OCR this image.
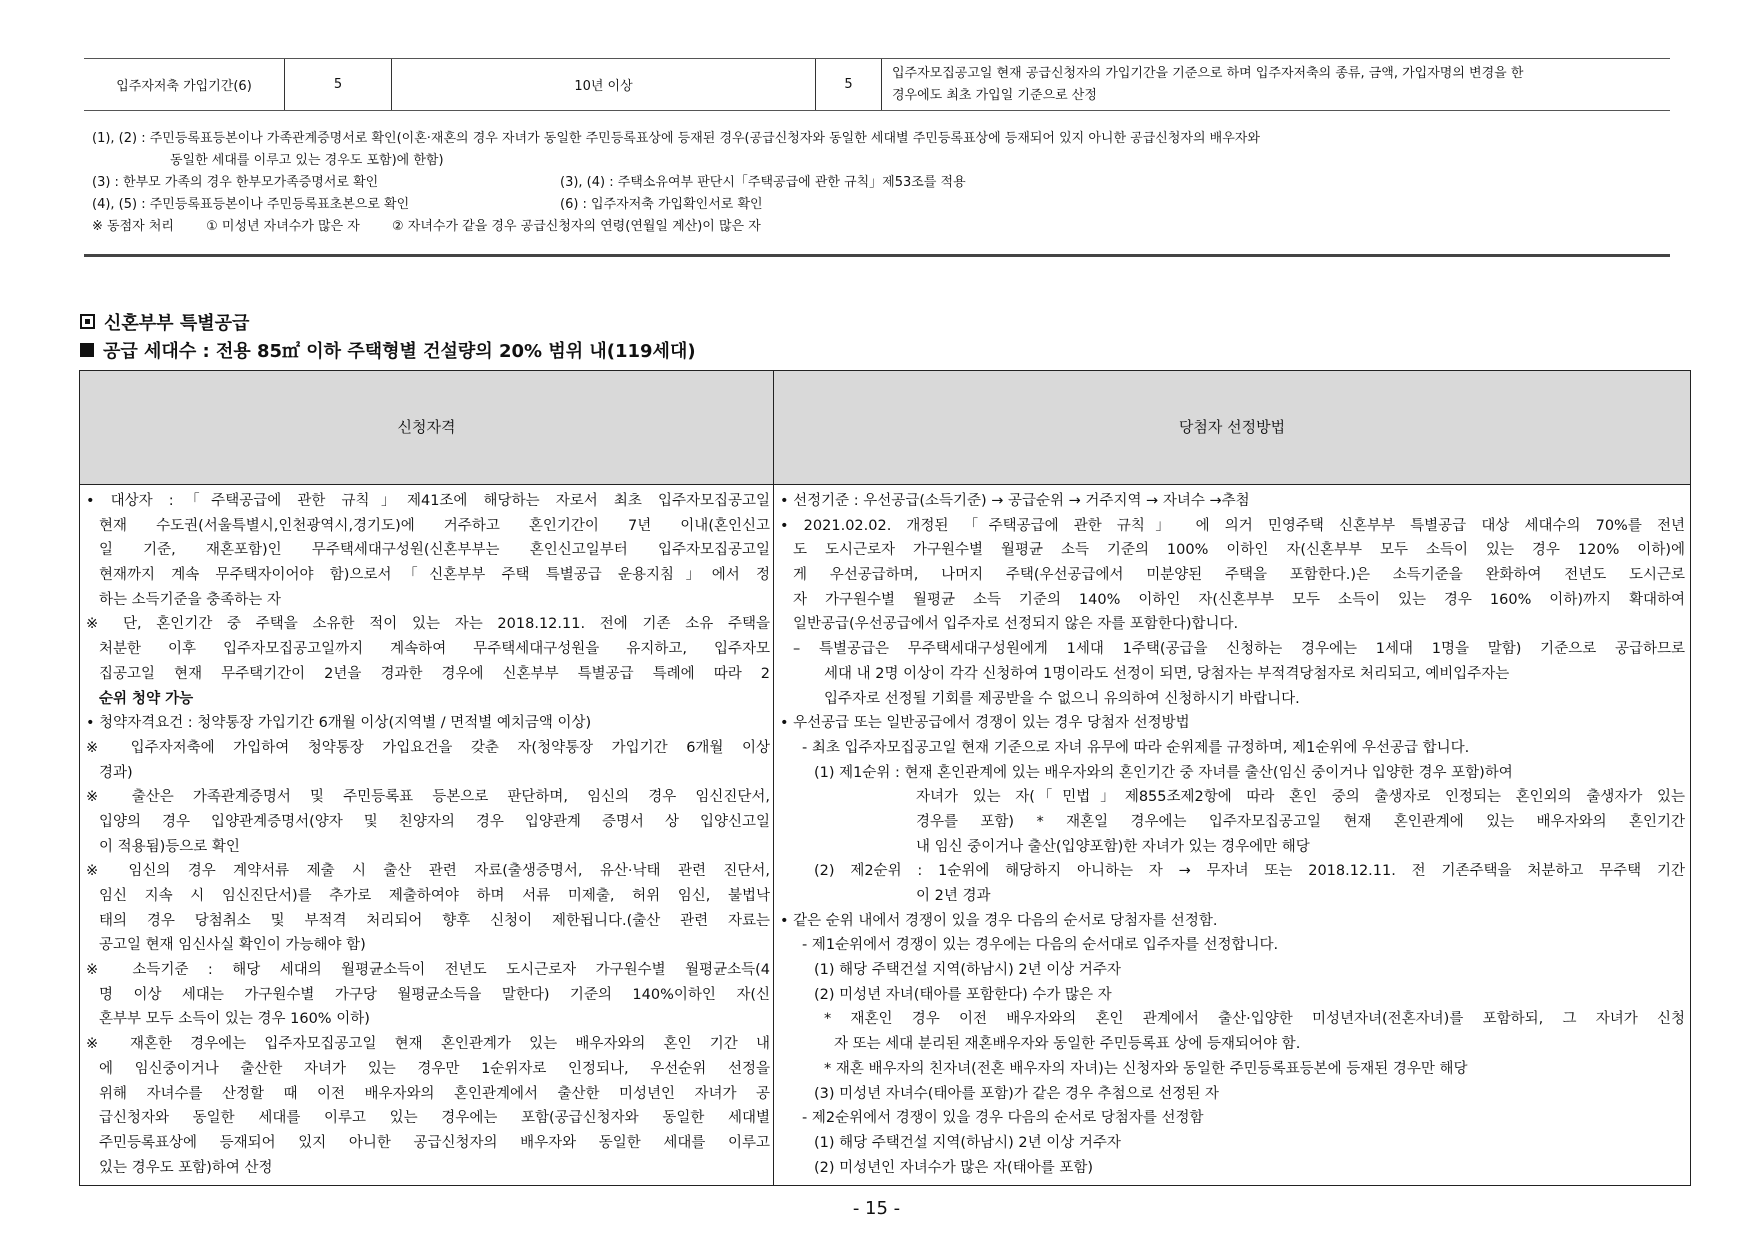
입주자저축 가입기간(6)	5	10년 이상	5
입주자모집공고일 현재 공급신청자의 가입기간을 기준으로 하며 입주자저축의 종류, 금액, 가입자명의 변경을 한
경우에도 최초 가입일 기준으로 산정
(1), (2) : 주민등록표등본이나 가족관계증명서로 확인(이혼·재혼의 경우 자녀가 동일한 주민등록표상에 등재된 경우(공급신청자와 동일한 세대별 주민등록표상에 등재되어 있지 아니한 공급신청자의 배우자와
동일한 세대를 이루고 있는 경우도 포함)에 한함)
(3) : 한부모 가족의 경우 한부모가족증명서로 확인	(3), (4) : 주택소유여부 판단시「주택공급에 관한 규칙」제53조를 적용
(4), (5) : 주민등록표등본이나 주민등록표초본으로 확인	(6) : 입주자저축 가입확인서로 확인
※ 동점자 처리 ① 미성년 자녀수가 많은 자 ② 자녀수가 같을 경우 공급신청자의 연령(연월일 계산)이 많은 자
신혼부부 특별공급
공급 세대수 : 전용 85㎡ 이하 주택형별 건설량의 20% 범위 내(119세대)
신청자격	당첨자 선정방법
• 대상자 :「주택공급에 관한 규칙」제41조에 해당하는 자로서 최초 입주자모집공고일
현재 수도권(서울특별시,인천광역시,경기도)에 거주하고 혼인기간이 7년 이내(혼인신고
일 기준, 재혼포함)인 무주택세대구성원(신혼부부는 혼인신고일부터 입주자모집공고일
현재까지 계속 무주택자이어야 함)으로서「신혼부부 주택 특별공급 운용지침」에서 정
하는 소득기준을 충족하는 자
※ 단, 혼인기간 중 주택을 소유한 적이 있는 자는 2018.12.11. 전에 기존 소유 주택을
처분한 이후 입주자모집공고일까지 계속하여 무주택세대구성원을 유지하고, 입주자모
집공고일 현재 무주택기간이 2년을 경과한 경우에 신혼부부 특별공급 특례에 따라 2
순위 청약 가능
• 청약자격요건 : 청약통장 가입기간 6개월 이상(지역별 / 면적별 예치금액 이상)
※ 입주자저축에 가입하여 청약통장 가입요건을 갖춘 자(청약통장 가입기간 6개월 이상
경과)
※ 출산은 가족관계증명서 및 주민등록표 등본으로 판단하며, 임신의 경우 임신진단서,
입양의 경우 입양관계증명서(양자 및 친양자의 경우 입양관계 증명서 상 입양신고일
이 적용됨)등으로 확인
※ 임신의 경우 계약서류 제출 시 출산 관련 자료(출생증명서, 유산·낙태 관련 진단서,
임신 지속 시 임신진단서)를 추가로 제출하여야 하며 서류 미제출, 허위 임신, 불법낙
태의 경우 당첨취소 및 부적격 처리되어 향후 신청이 제한됩니다.(출산 관련 자료는
공고일 현재 임신사실 확인이 가능해야 함)
※ 소득기준 : 해당 세대의 월평균소득이 전년도 도시근로자 가구원수별 월평균소득(4
명 이상 세대는 가구원수별 가구당 월평균소득을 말한다) 기준의 140%이하인 자(신
혼부부 모두 소득이 있는 경우 160% 이하)
※ 재혼한 경우에는 입주자모집공고일 현재 혼인관계가 있는 배우자와의 혼인 기간 내
에 임신중이거나 출산한 자녀가 있는 경우만 1순위자로 인정되나, 우선순위 선정을
위해 자녀수를 산정할 때 이전 배우자와의 혼인관계에서 출산한 미성년인 자녀가 공
급신청자와 동일한 세대를 이루고 있는 경우에는 포함(공급신청자와 동일한 세대별
주민등록표상에 등재되어 있지 아니한 공급신청자의 배우자와 동일한 세대를 이루고
있는 경우도 포함)하여 산정
• 선정기준 : 우선공급(소득기준) → 공급순위 → 거주지역 → 자녀수 →추첨
• 2021.02.02. 개정된 「주택공급에 관한 규칙」 에 의거 민영주택 신혼부부 특별공급 대상 세대수의 70%를 전년
도 도시근로자 가구원수별 월평균 소득 기준의 100% 이하인 자(신혼부부 모두 소득이 있는 경우 120% 이하)에
게 우선공급하며, 나머지 주택(우선공급에서 미분양된 주택을 포함한다.)은 소득기준을 완화하여 전년도 도시근로
자 가구원수별 월평균 소득 기준의 140% 이하인 자(신혼부부 모두 소득이 있는 경우 160% 이하)까지 확대하여
일반공급(우선공급에서 입주자로 선정되지 않은 자를 포함한다)합니다.
– 특별공급은 무주택세대구성원에게 1세대 1주택(공급을 신청하는 경우에는 1세대 1명을 말함) 기준으로 공급하므로
세대 내 2명 이상이 각각 신청하여 1명이라도 선정이 되면, 당첨자는 부적격당첨자로 처리되고, 예비입주자는
입주자로 선정될 기회를 제공받을 수 없으니 유의하여 신청하시기 바랍니다.
• 우선공급 또는 일반공급에서 경쟁이 있는 경우 당첨자 선정방법
- 최초 입주자모집공고일 현재 기준으로 자녀 유무에 따라 순위제를 규정하며, 제1순위에 우선공급 합니다.
(1) 제1순위 : 현재 혼인관계에 있는 배우자와의 혼인기간 중 자녀를 출산(임신 중이거나 입양한 경우 포함)하여
자녀가 있는 자(「민법」제855조제2항에 따라 혼인 중의 출생자로 인정되는 혼인외의 출생자가 있는
경우를 포함) * 재혼일 경우에는 입주자모집공고일 현재 혼인관계에 있는 배우자와의 혼인기간
내 임신 중이거나 출산(입양포함)한 자녀가 있는 경우에만 해당
(2) 제2순위 : 1순위에 해당하지 아니하는 자 → 무자녀 또는 2018.12.11. 전 기존주택을 처분하고 무주택 기간
이 2년 경과
• 같은 순위 내에서 경쟁이 있을 경우 다음의 순서로 당첨자를 선정함.
- 제1순위에서 경쟁이 있는 경우에는 다음의 순서대로 입주자를 선정합니다.
(1) 해당 주택건설 지역(하남시) 2년 이상 거주자
(2) 미성년 자녀(태아를 포함한다) 수가 많은 자
* 재혼인 경우 이전 배우자와의 혼인 관계에서 출산·입양한 미성년자녀(전혼자녀)를 포함하되, 그 자녀가 신청
자 또는 세대 분리된 재혼배우자와 동일한 주민등록표 상에 등재되어야 함.
* 재혼 배우자의 친자녀(전혼 배우자의 자녀)는 신청자와 동일한 주민등록표등본에 등재된 경우만 해당
(3) 미성년 자녀수(태아를 포함)가 같은 경우 추첨으로 선정된 자
- 제2순위에서 경쟁이 있을 경우 다음의 순서로 당첨자를 선정함
(1) 해당 주택건설 지역(하남시) 2년 이상 거주자
(2) 미성년인 자녀수가 많은 자(태아를 포함)
- 15 -
